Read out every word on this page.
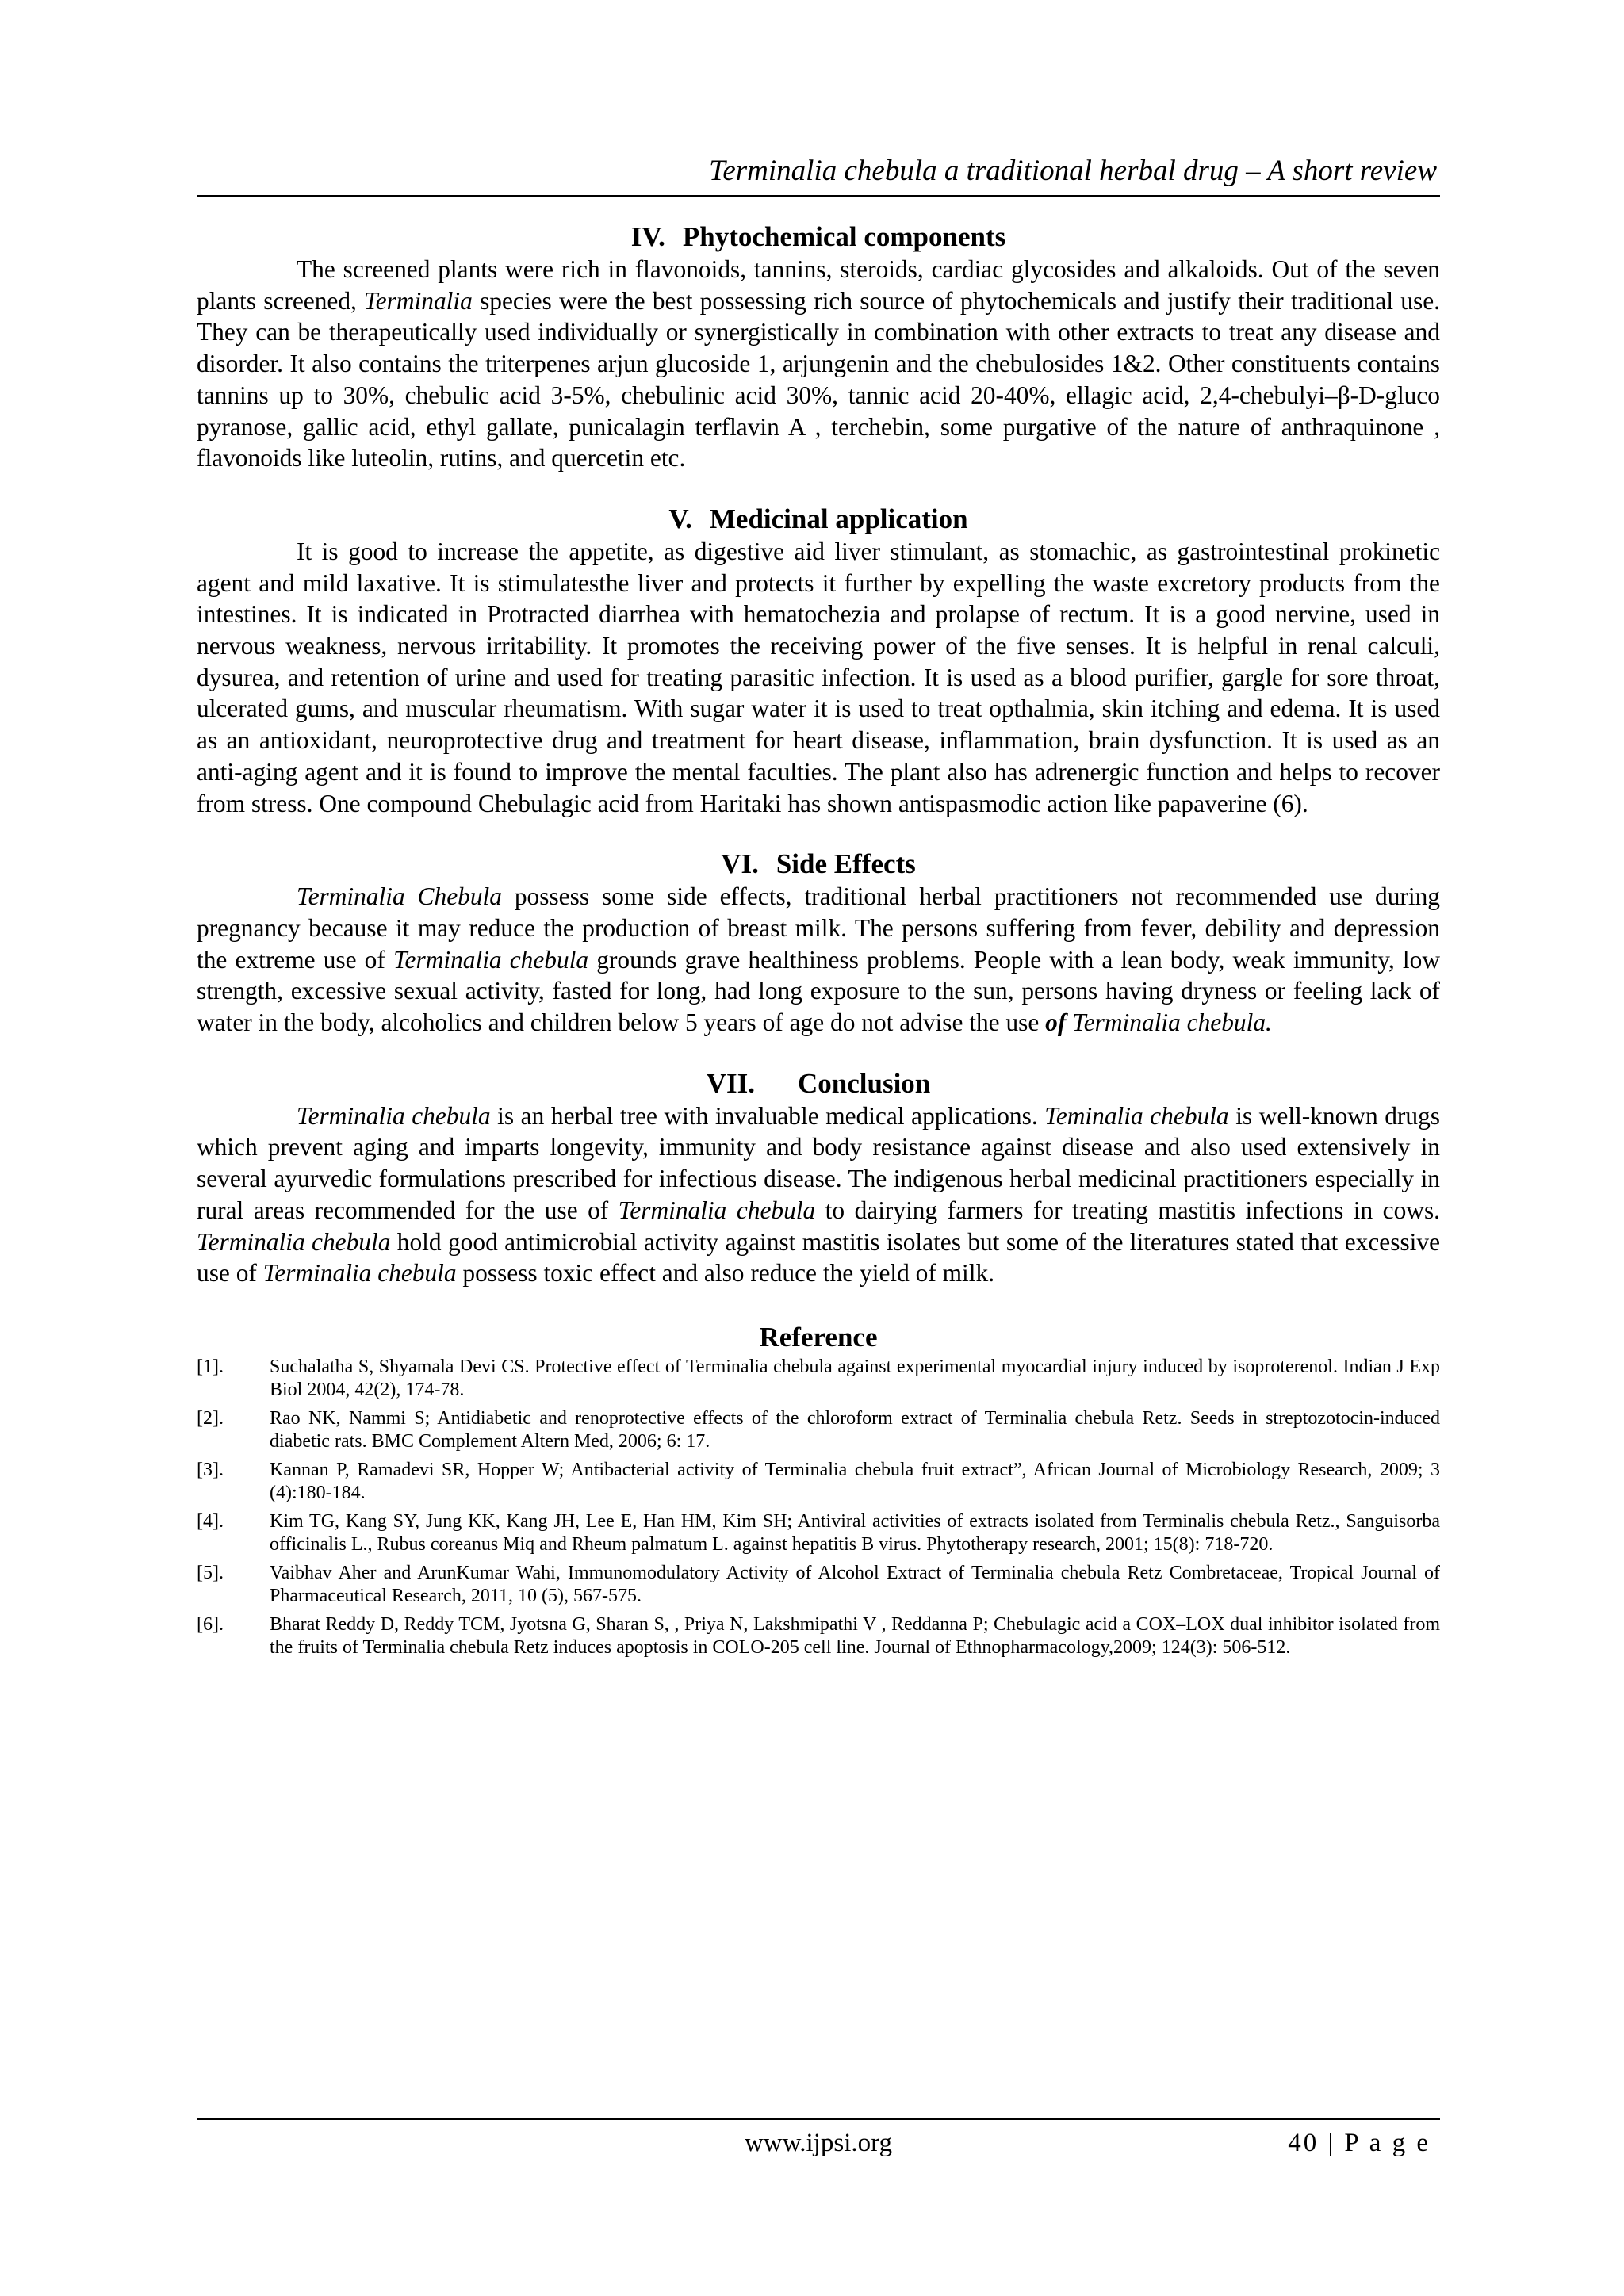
Terminalia chebula a traditional herbal drug – A short review
IV. Phytochemical components

The screened plants were rich in flavonoids, tannins, steroids, cardiac glycosides and alkaloids. Out of the seven plants screened, Terminalia species were the best possessing rich source of phytochemicals and justify their traditional use. They can be therapeutically used individually or synergistically in combination with other extracts to treat any disease and disorder. It also contains the triterpenes arjun glucoside 1, arjungenin and the chebulosides 1&2. Other constituents contains tannins up to 30%, chebulic acid 3-5%, chebulinic acid 30%, tannic acid 20-40%, ellagic acid, 2,4-chebulyi–β-D-gluco pyranose, gallic acid, ethyl gallate, punicalagin terflavin A , terchebin, some purgative of the nature of anthraquinone , flavonoids like luteolin, rutins, and quercetin etc.

V. Medicinal application

It is good to increase the appetite, as digestive aid liver stimulant, as stomachic, as gastrointestinal prokinetic agent and mild laxative. It is stimulatesthe liver and protects it further by expelling the waste excretory products from the intestines. It is indicated in Protracted diarrhea with hematochezia and prolapse of rectum. It is a good nervine, used in nervous weakness, nervous irritability. It promotes the receiving power of the five senses. It is helpful in renal calculi, dysurea, and retention of urine and used for treating parasitic infection. It is used as a blood purifier, gargle for sore throat, ulcerated gums, and muscular rheumatism. With sugar water it is used to treat opthalmia, skin itching and edema. It is used as an antioxidant, neuroprotective drug and treatment for heart disease, inflammation, brain dysfunction. It is used as an anti-aging agent and it is found to improve the mental faculties. The plant also has adrenergic function and helps to recover from stress. One compound Chebulagic acid from Haritaki has shown antispasmodic action like papaverine (6).

VI. Side Effects

Terminalia Chebula possess some side effects, traditional herbal practitioners not recommended use during pregnancy because it may reduce the production of breast milk. The persons suffering from fever, debility and depression the extreme use of Terminalia chebula grounds grave healthiness problems. People with a lean body, weak immunity, low strength, excessive sexual activity, fasted for long, had long exposure to the sun, persons having dryness or feeling lack of water in the body, alcoholics and children below 5 years of age do not advise the use of Terminalia chebula.

VII. Conclusion

Terminalia chebula is an herbal tree with invaluable medical applications. Teminalia chebula is well-known drugs which prevent aging and imparts longevity, immunity and body resistance against disease and also used extensively in several ayurvedic formulations prescribed for infectious disease. The indigenous herbal medicinal practitioners especially in rural areas recommended for the use of Terminalia chebula to dairying farmers for treating mastitis infections in cows. Terminalia chebula hold good antimicrobial activity against mastitis isolates but some of the literatures stated that excessive use of Terminalia chebula possess toxic effect and also reduce the yield of milk.

Reference
[1].	Suchalatha S, Shyamala Devi CS. Protective effect of Terminalia chebula against experimental myocardial injury induced by isoproterenol. Indian J Exp Biol 2004, 42(2), 174-78.
[2].	Rao NK, Nammi S; Antidiabetic and renoprotective effects of the chloroform extract of Terminalia chebula Retz. Seeds in streptozotocin-induced diabetic rats. BMC Complement Altern Med, 2006; 6: 17.
[3].	Kannan P, Ramadevi SR, Hopper W; Antibacterial activity of Terminalia chebula fruit extract”, African Journal of Microbiology Research, 2009; 3 (4):180-184.
[4].	Kim TG, Kang SY, Jung KK, Kang JH, Lee E, Han HM, Kim SH; Antiviral activities of extracts isolated from Terminalis chebula Retz., Sanguisorba officinalis L., Rubus coreanus Miq and Rheum palmatum L. against hepatitis B virus. Phytotherapy research, 2001; 15(8): 718-720.
[5].	Vaibhav Aher and ArunKumar Wahi, Immunomodulatory Activity of Alcohol Extract of Terminalia chebula Retz Combretaceae, Tropical Journal of Pharmaceutical Research, 2011, 10 (5), 567-575.
[6].	Bharat Reddy D, Reddy TCM, Jyotsna G, Sharan S, , Priya N, Lakshmipathi V , Reddanna P; Chebulagic acid a COX–LOX dual inhibitor isolated from the fruits of Terminalia chebula Retz induces apoptosis in COLO-205 cell line. Journal of Ethnopharmacology,2009; 124(3): 506-512.
www.ijpsi.org	40 | P a g e
